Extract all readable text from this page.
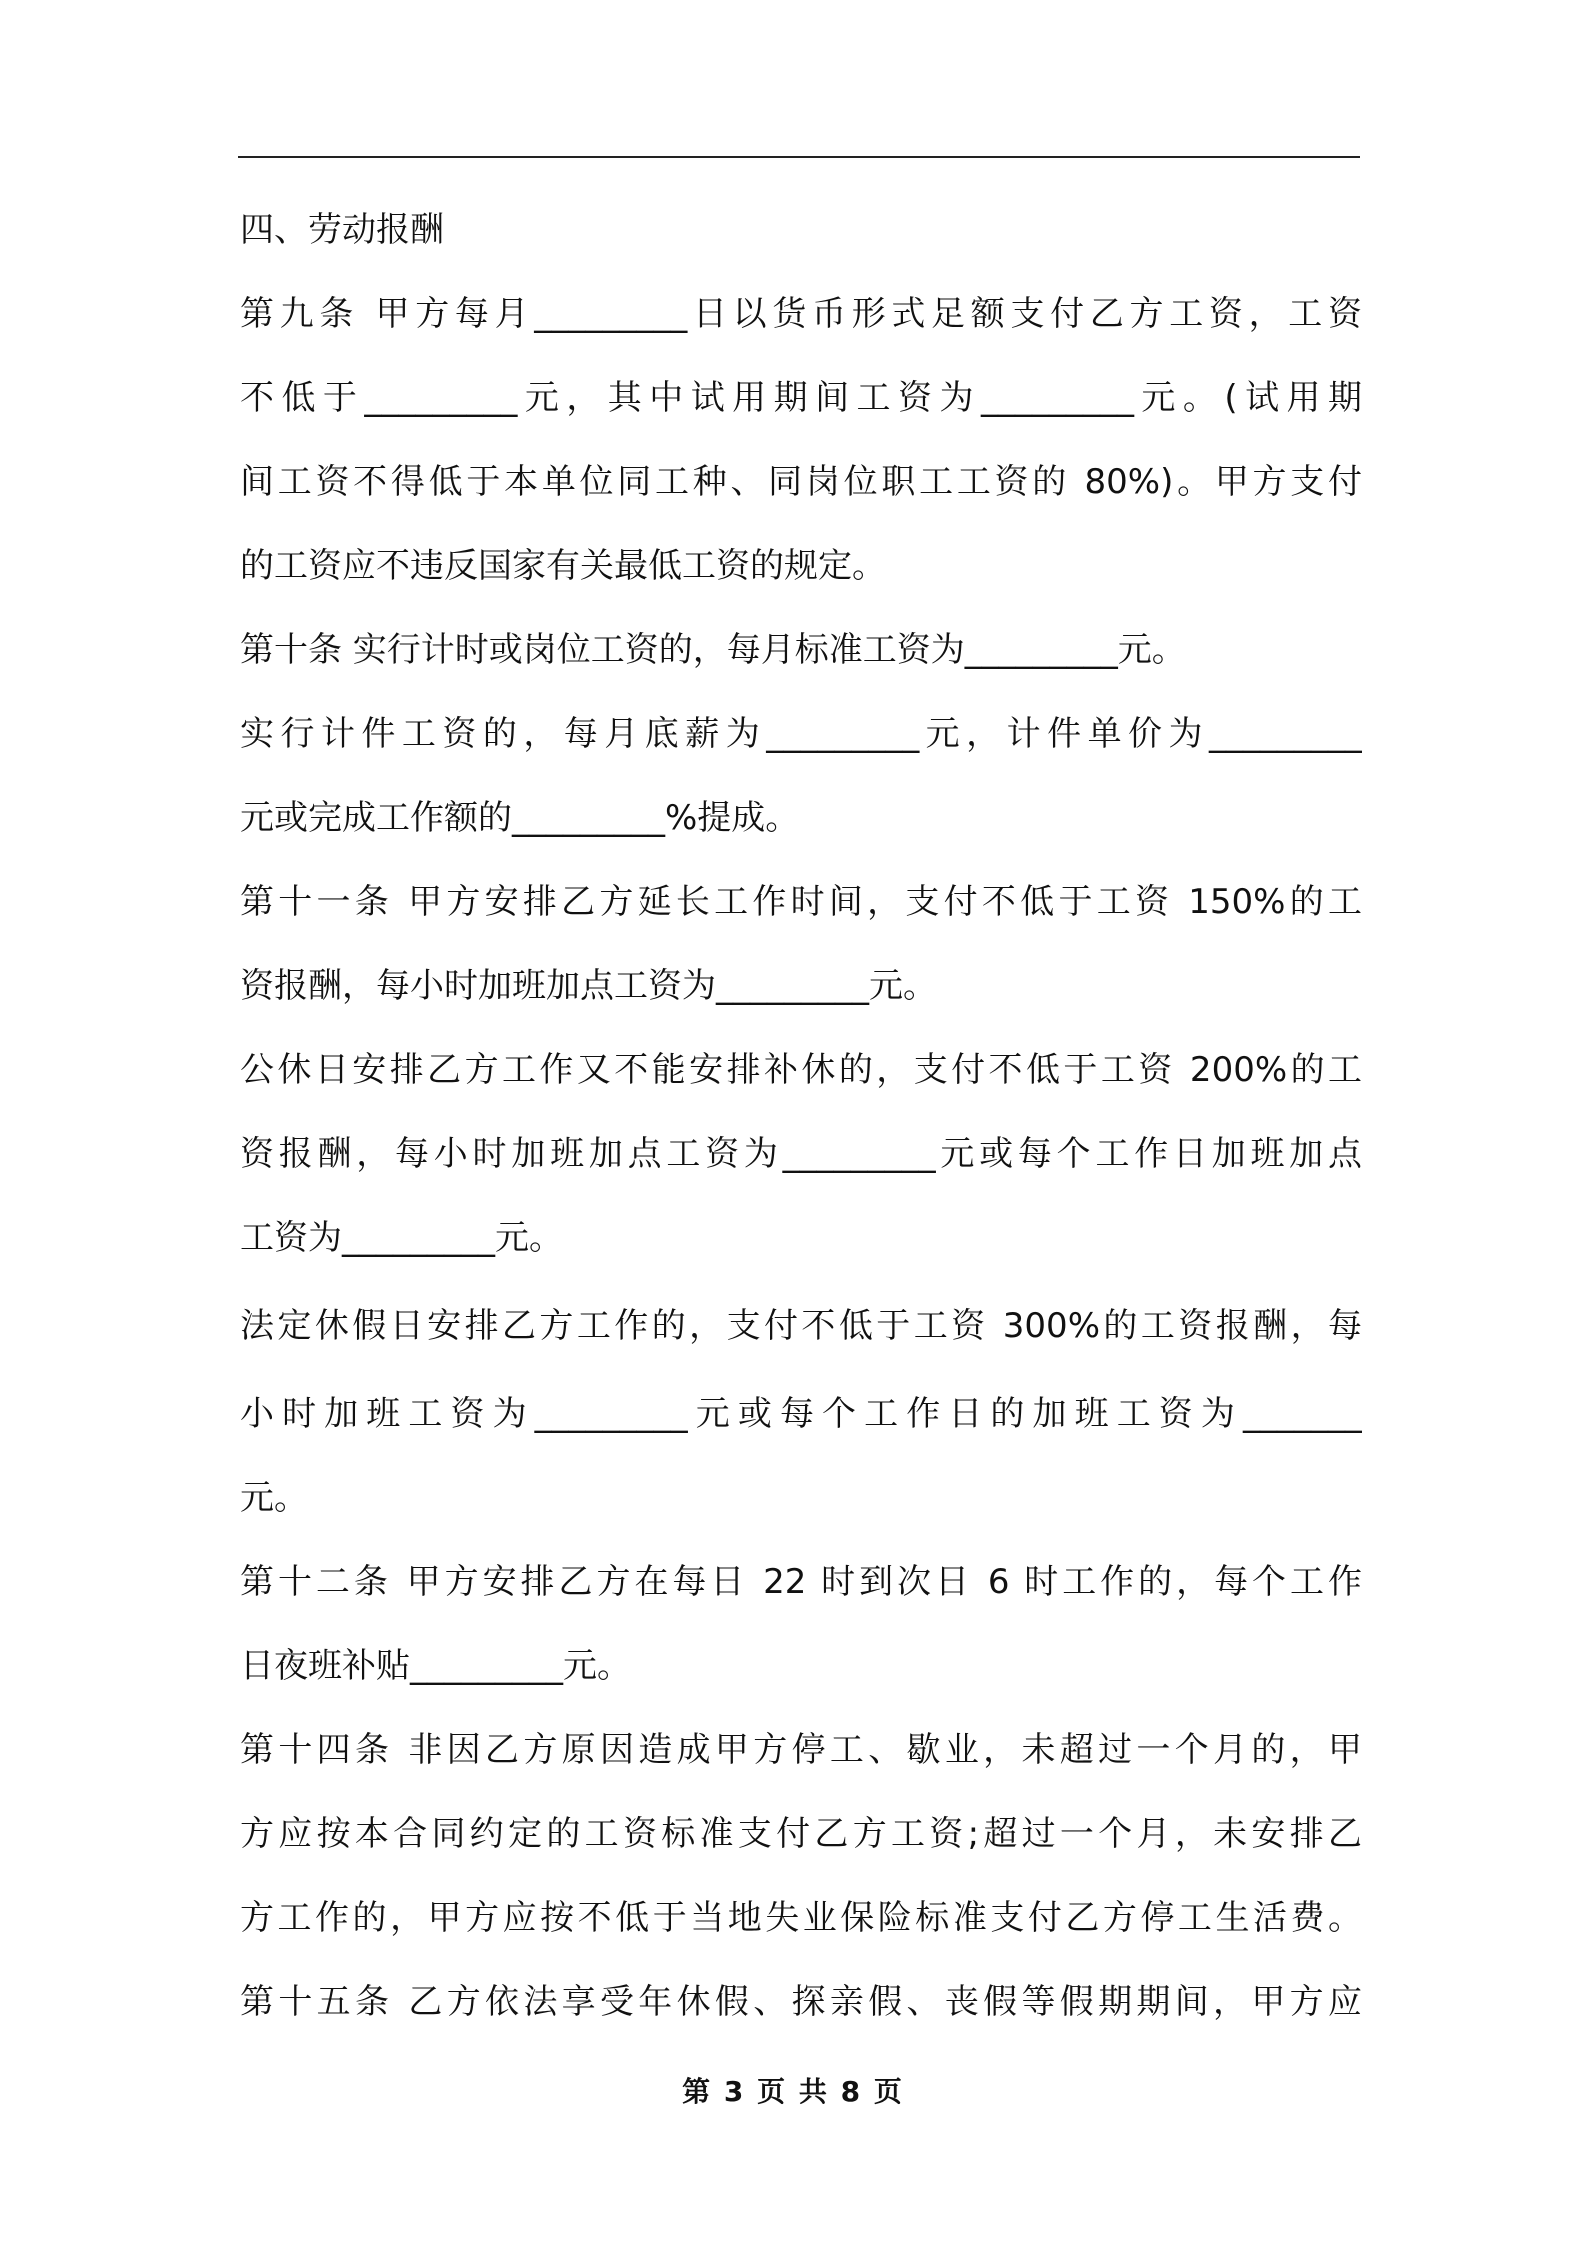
四、劳动报酬
第九条 甲方每月_________日以货币形式足额支付乙方工资，工资
不低于_________元，其中试用期间工资为_________元。(试用期
间工资不得低于本单位同工种、同岗位职工工资的 80%)。甲方支付
的工资应不违反国家有关最低工资的规定。
第十条 实行计时或岗位工资的，每月标准工资为_________元。
实行计件工资的，每月底薪为_________元，计件单价为_________
元或完成工作额的_________%提成。
第十一条 甲方安排乙方延长工作时间，支付不低于工资 150%的工
资报酬，每小时加班加点工资为_________元。
公休日安排乙方工作又不能安排补休的，支付不低于工资 200%的工
资报酬，每小时加班加点工资为_________元或每个工作日加班加点
工资为_________元。
法定休假日安排乙方工作的，支付不低于工资 300%的工资报酬，每
小时加班工资为_________元或每个工作日的加班工资为_______
元。
第十二条 甲方安排乙方在每日 22 时到次日 6 时工作的，每个工作
日夜班补贴_________元。
第十四条 非因乙方原因造成甲方停工、歇业，未超过一个月的，甲
方应按本合同约定的工资标准支付乙方工资;超过一个月，未安排乙
方工作的，甲方应按不低于当地失业保险标准支付乙方停工生活费。
第十五条 乙方依法享受年休假、探亲假、丧假等假期期间，甲方应
第 3 页 共 8 页
